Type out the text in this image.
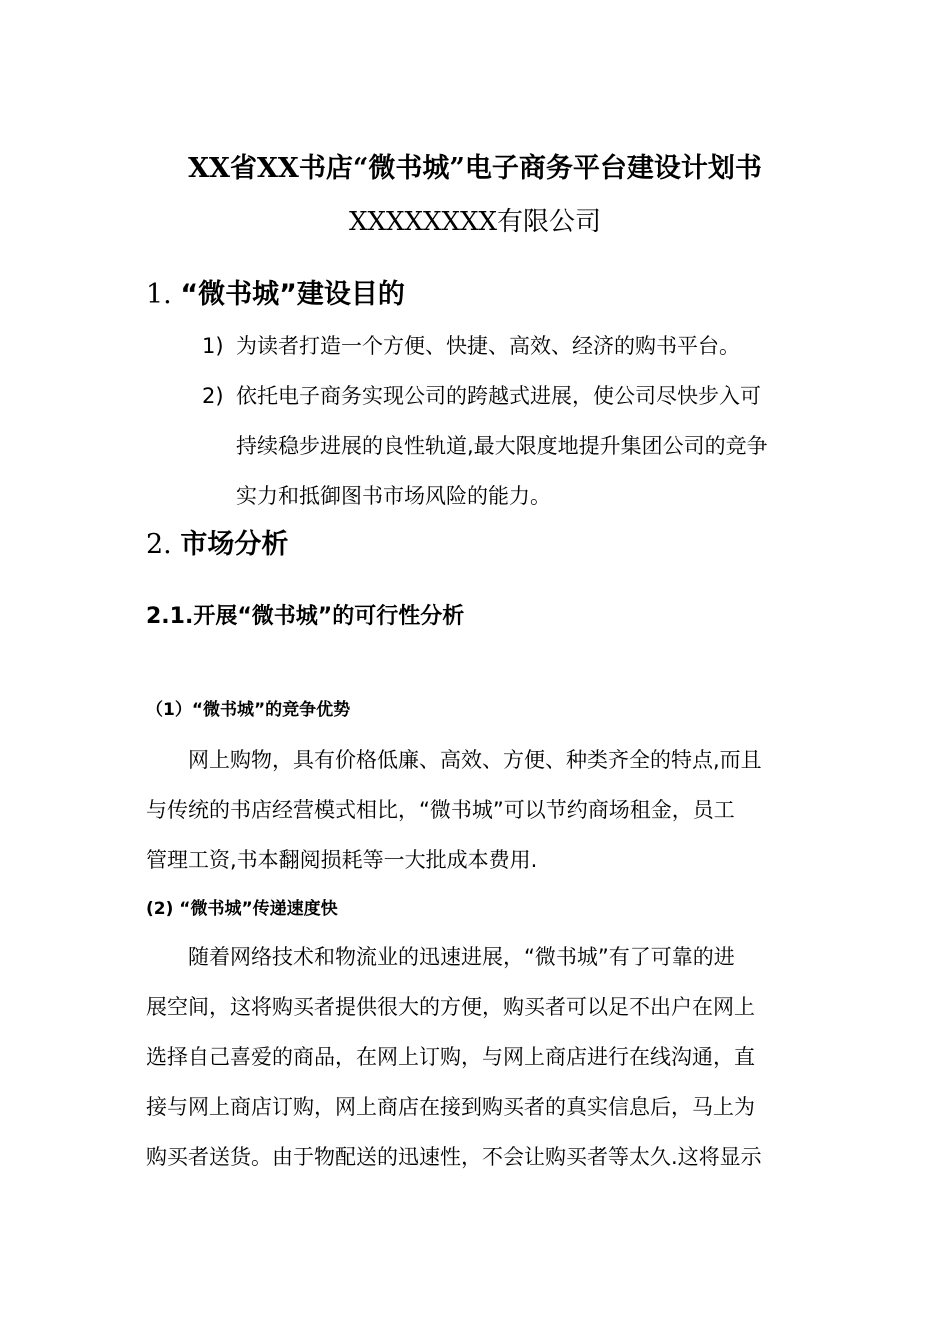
XX省XX书店“微书城”电子商务平台建设计划书
XXXXXXXX有限公司
1. “微书城”建设目的
1) 为读者打造一个方便、快捷、高效、经济的购书平台。
2) 依托电子商务实现公司的跨越式进展，使公司尽快步入可
持续稳步进展的良性轨道,最大限度地提升集团公司的竞争
实力和抵御图书市场风险的能力。
2. 市场分析
2.1.开展“微书城”的可行性分析
（1）“微书城”的竞争优势
网上购物，具有价格低廉、高效、方便、种类齐全的特点,而且
与传统的书店经营模式相比，“微书城”可以节约商场租金，员工
管理工资,书本翻阅损耗等一大批成本费用.
(2) “微书城”传递速度快
随着网络技术和物流业的迅速进展，“微书城”有了可靠的进
展空间，这将购买者提供很大的方便，购买者可以足不出户在网上
选择自己喜爱的商品，在网上订购，与网上商店进行在线沟通，直
接与网上商店订购，网上商店在接到购买者的真实信息后，马上为
购买者送货。由于物配送的迅速性，不会让购买者等太久.这将显示
